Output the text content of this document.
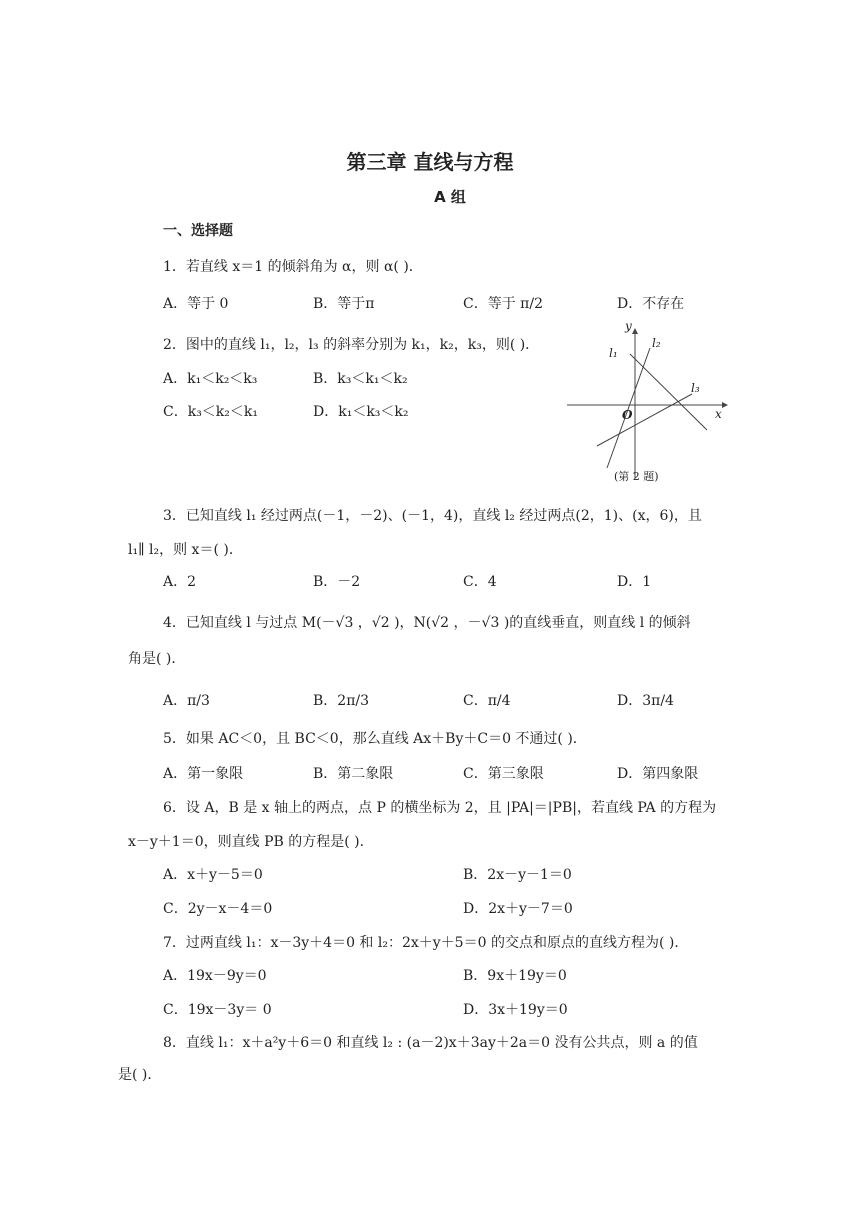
第三章 直线与方程
A 组
一、选择题
1．若直线 x＝1 的倾斜角为 α，则 α( )．
A．等于 0	B．等于π	C．等于 π/2	D．不存在
2．图中的直线 l₁，l₂，l₃ 的斜率分别为 k₁，k₂，k₃，则( )．
A．k₁＜k₂＜k₃	B．k₃＜k₁＜k₂
C．k₃＜k₂＜k₁	D．k₁＜k₃＜k₂
y
x
O
l₁
l₂
l₃
(第 2 题)
3．已知直线 l₁ 经过两点(－1，－2)、(－1，4)，直线 l₂ 经过两点(2，1)、(x，6)，且
l₁∥ l₂，则 x＝( )．
A．2	B．－2	C．4	D．1
4．已知直线 l 与过点 M(－√3 ，√2 )，N(√2 ，－√3 )的直线垂直，则直线 l 的倾斜
角是( )．
A．π/3	B．2π/3	C．π/4	D．3π/4
5．如果 AC＜0，且 BC＜0，那么直线 Ax＋By＋C＝0 不通过( )．
A．第一象限	B．第二象限	C．第三象限	D．第四象限
6．设 A，B 是 x 轴上的两点，点 P 的横坐标为 2，且 |PA|＝|PB|，若直线 PA 的方程为
x－y＋1＝0，则直线 PB 的方程是( )．
A．x＋y－5＝0	B．2x－y－1＝0
C．2y－x－4＝0	D．2x＋y－7＝0
7．过两直线 l₁：x－3y＋4＝0 和 l₂：2x＋y＋5＝0 的交点和原点的直线方程为( )．
A．19x－9y＝0	B．9x＋19y＝0
C．19x－3y＝ 0	D．3x＋19y＝0
8．直线 l₁：x＋a²y＋6＝0 和直线 l₂ : (a－2)x＋3ay＋2a＝0 没有公共点，则 a 的值
是( )．
